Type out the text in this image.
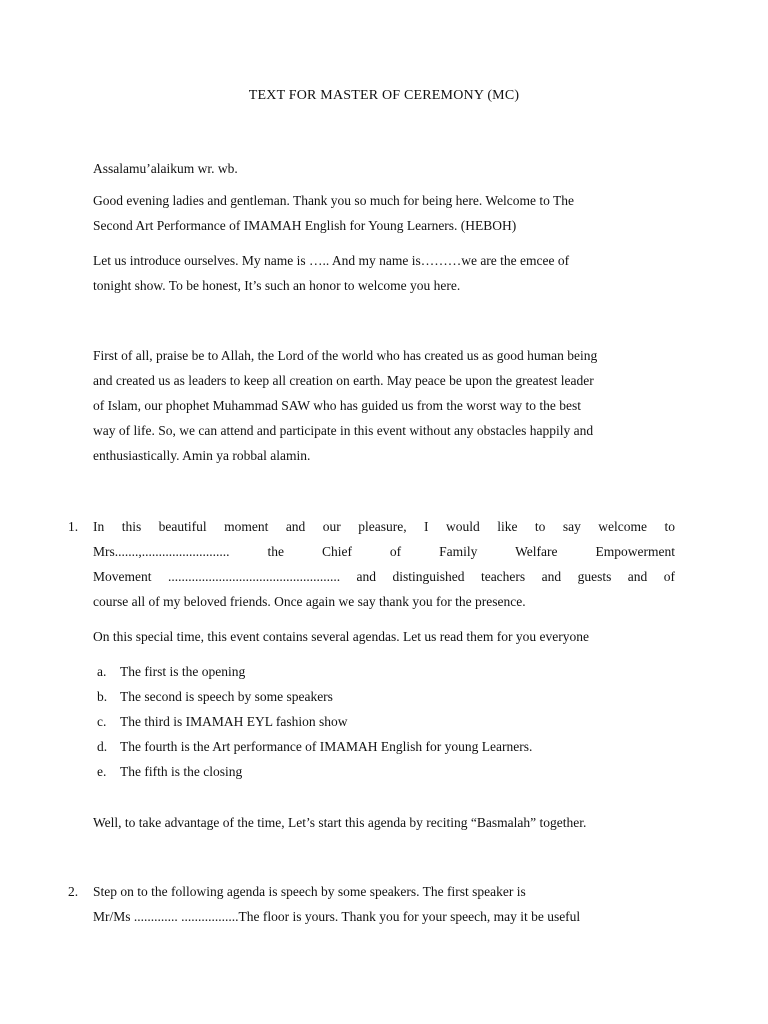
TEXT FOR MASTER OF CEREMONY (MC)
Assalamu’alaikum wr. wb.
Good evening ladies and gentleman. Thank you so much for being here. Welcome to The
Second Art Performance of IMAMAH English for Young Learners. (HEBOH)
Let us introduce ourselves. My name is ….. And my name is………we are the emcee of
tonight show. To be honest, It’s such an honor to welcome you here.
First of all, praise be to Allah, the Lord of the world who has created us as good human being
and created us as leaders to keep all creation on earth. May peace be upon the greatest leader
of Islam, our phophet Muhammad SAW who has guided us from the worst way to the best
way of life. So, we can attend and participate in this event without any obstacles happily and
enthusiastically. Amin ya robbal alamin.
1. In this beautiful moment and our pleasure, I would like to say welcome to
Mrs.......,.......................... the Chief of Family Welfare Empowerment
Movement ................................................... and distinguished teachers and guests and of
course all of my beloved friends. Once again we say thank you for the presence.
On this special time, this event contains several agendas. Let us read them for you everyone
a. The first is the opening
b. The second is speech by some speakers
c. The third is IMAMAH EYL fashion show
d. The fourth is the Art performance of IMAMAH English for young Learners.
e. The fifth is the closing
Well, to take advantage of the time, Let’s start this agenda by reciting “Basmalah” together.
2. Step on to the following agenda is speech by some speakers. The first speaker is
Mr/Ms ............. .................The floor is yours. Thank you for your speech, may it be useful
